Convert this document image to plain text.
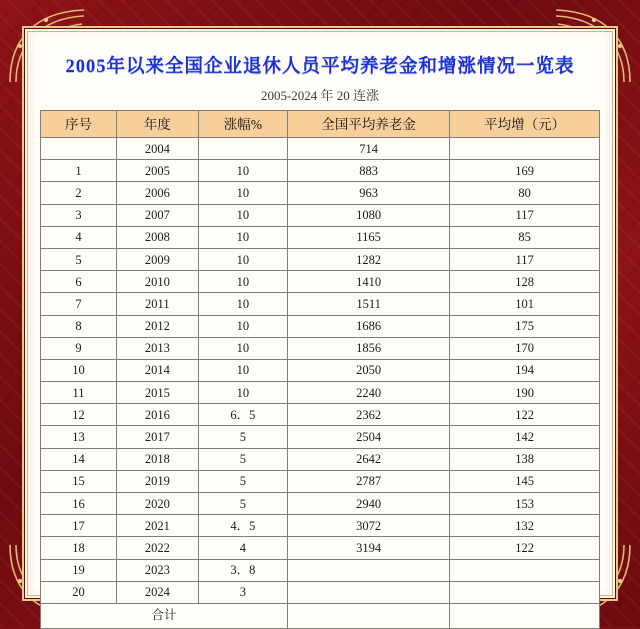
2005年以来全国企业退休人员平均养老金和增涨情况一览表
2005-2024 年 20 连涨
序号	年度	涨幅%	全国平均养老金	平均增（元）
	2004		714	
1	2005	10	883	169
2	2006	10	963	80
3	2007	10	1080	117
4	2008	10	1165	85
5	2009	10	1282	117
6	2010	10	1410	128
7	2011	10	1511	101
8	2012	10	1686	175
9	2013	10	1856	170
10	2014	10	2050	194
11	2015	10	2240	190
12	2016	6．5	2362	122
13	2017	5	2504	142
14	2018	5	2642	138
15	2019	5	2787	145
16	2020	5	2940	153
17	2021	4．5	3072	132
18	2022	4	3194	122
19	2023	3．8		
20	2024	3		
合计				
